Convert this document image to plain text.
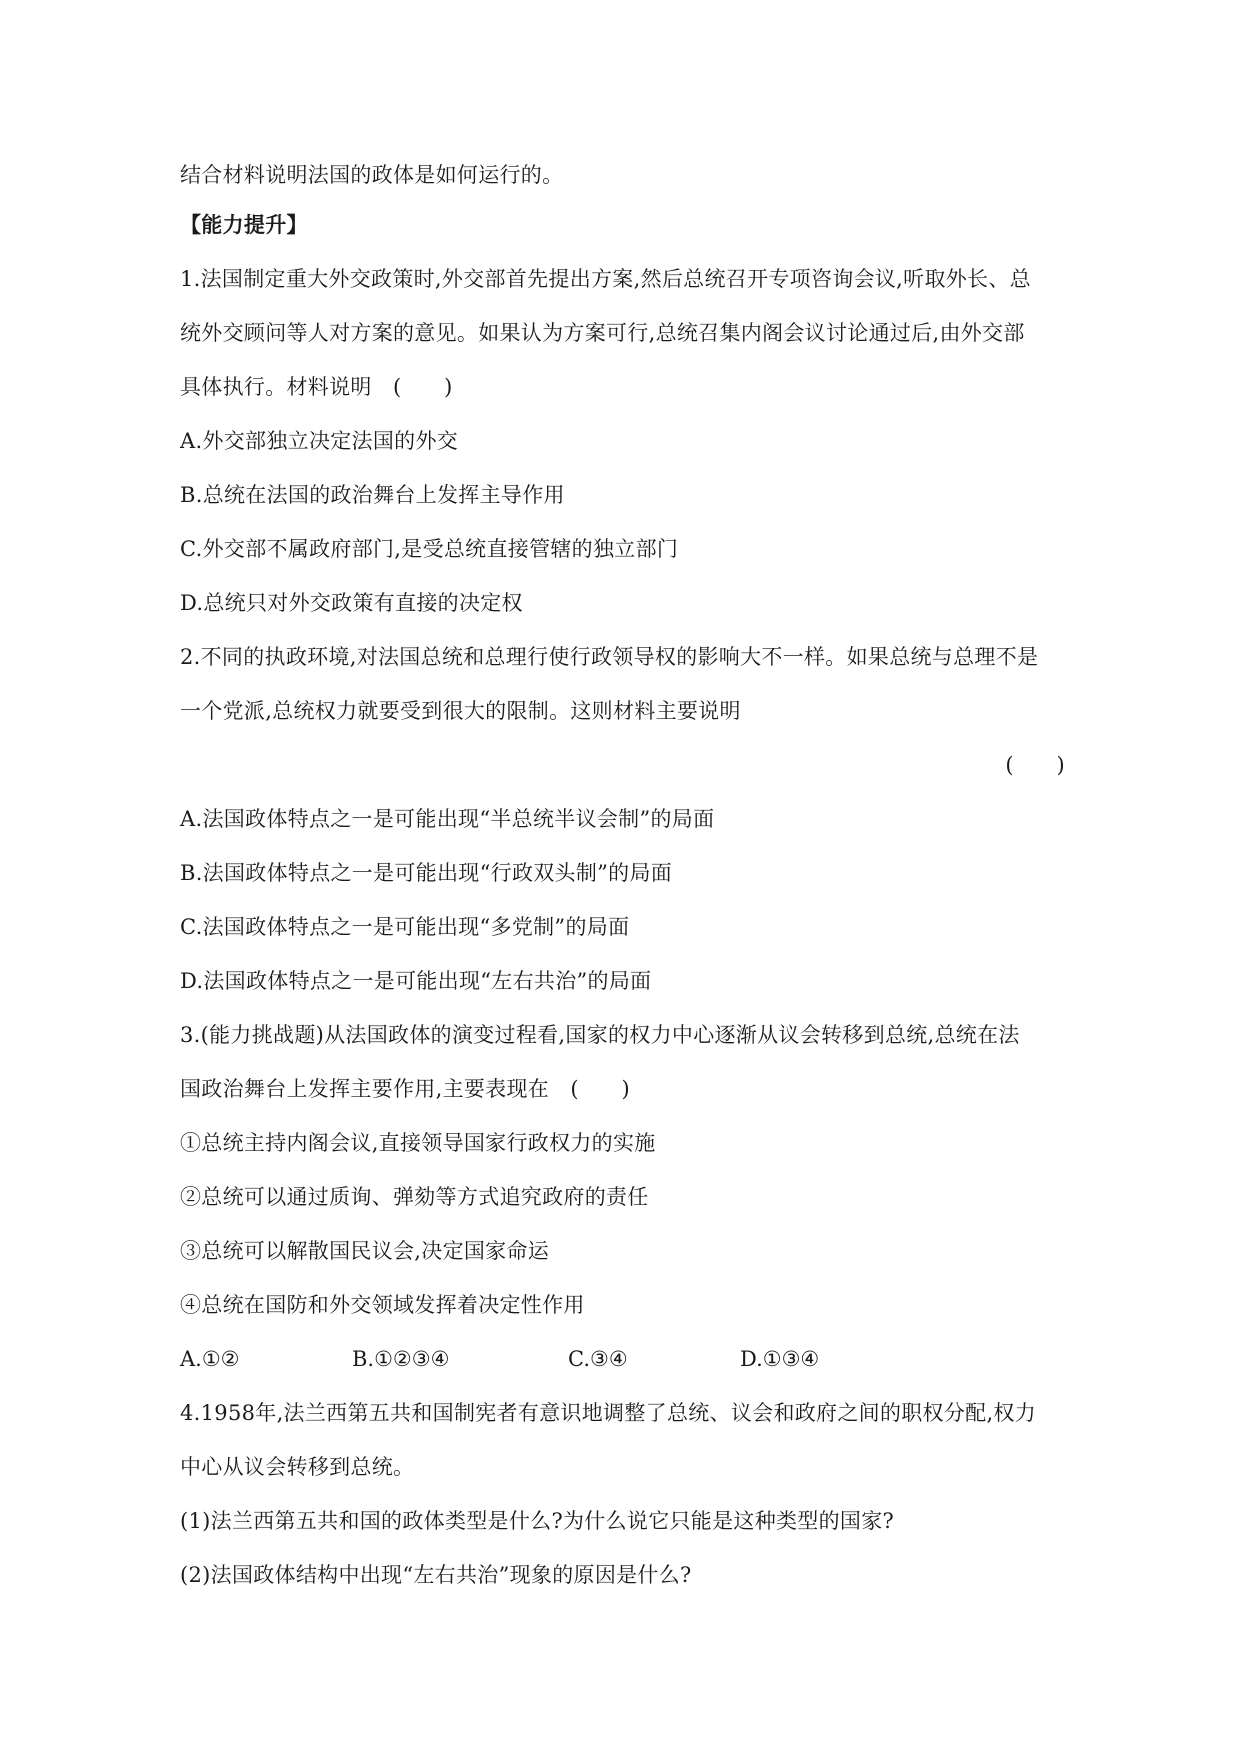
结合材料说明法国的政体是如何运行的。
【能力提升】
1.法国制定重大外交政策时,外交部首先提出方案,然后总统召开专项咨询会议,听取外长、总
统外交顾问等人对方案的意见。如果认为方案可行,总统召集内阁会议讨论通过后,由外交部
具体执行。材料说明　(　　)
A.外交部独立决定法国的外交
B.总统在法国的政治舞台上发挥主导作用
C.外交部不属政府部门,是受总统直接管辖的独立部门
D.总统只对外交政策有直接的决定权
2.不同的执政环境,对法国总统和总理行使行政领导权的影响大不一样。如果总统与总理不是
一个党派,总统权力就要受到很大的限制。这则材料主要说明
(　　)
A.法国政体特点之一是可能出现“半总统半议会制”的局面
B.法国政体特点之一是可能出现“行政双头制”的局面
C.法国政体特点之一是可能出现“多党制”的局面
D.法国政体特点之一是可能出现“左右共治”的局面
3.(能力挑战题)从法国政体的演变过程看,国家的权力中心逐渐从议会转移到总统,总统在法
国政治舞台上发挥主要作用,主要表现在　(　　)
①总统主持内阁会议,直接领导国家行政权力的实施
②总统可以通过质询、弹劾等方式追究政府的责任
③总统可以解散国民议会,决定国家命运
④总统在国防和外交领域发挥着决定性作用
A.①②	B.①②③④	C.③④	D.①③④
4.1958年,法兰西第五共和国制宪者有意识地调整了总统、议会和政府之间的职权分配,权力
中心从议会转移到总统。
(1)法兰西第五共和国的政体类型是什么?为什么说它只能是这种类型的国家?
(2)法国政体结构中出现“左右共治”现象的原因是什么?
